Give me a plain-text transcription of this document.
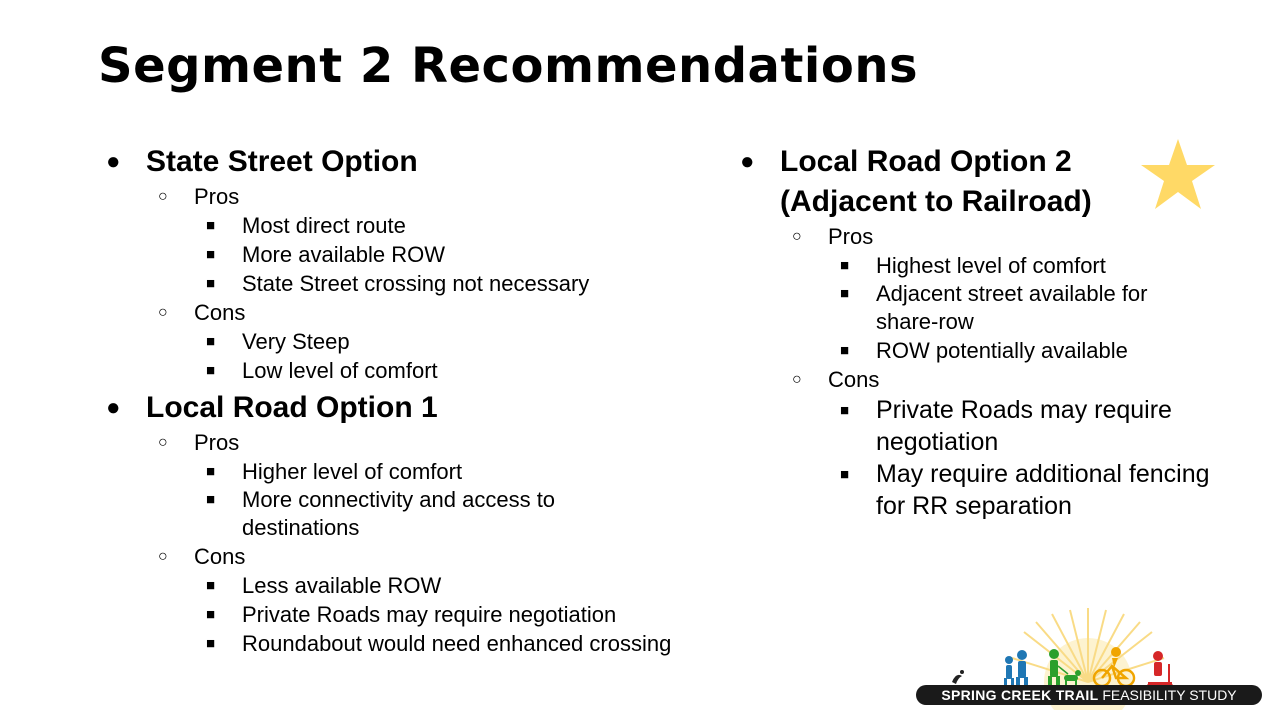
Segment 2 Recommendations
● State Street Option
○ Pros
■ Most direct route
■ More available ROW
■ State Street crossing not necessary
○ Cons
■ Very Steep
■ Low level of comfort
● Local Road Option 1
○ Pros
■ Higher level of comfort
■ More connectivity and access to destinations
○ Cons
■ Less available ROW
■ Private Roads may require negotiation
■ Roundabout would need enhanced crossing
● Local Road Option 2
(Adjacent to Railroad)
○ Pros
■ Highest level of comfort
■ Adjacent street available for share-row
■ ROW potentially available
○ Cons
■ Private Roads may require negotiation
■ May require additional fencing for RR separation
SPRING CREEK TRAIL FEASIBILITY STUDY
